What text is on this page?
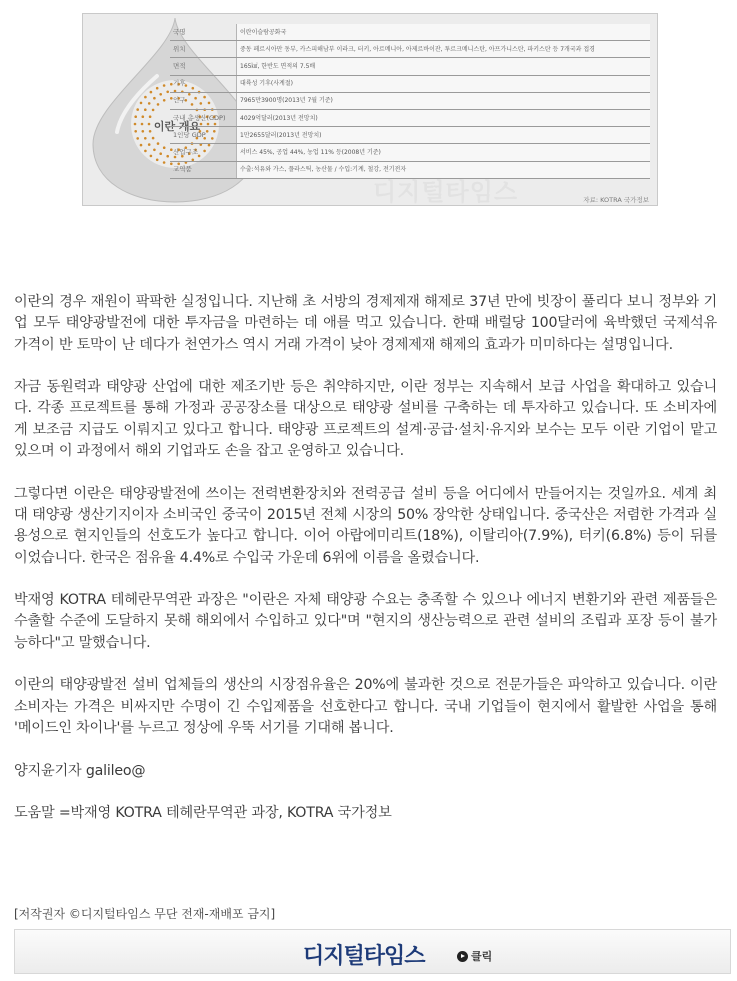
이란 개요
국명	이란이슬람공화국
위치	중동 페르시아만 동부, 카스피해남부 이라크, 터키, 아르메니아, 아제르바이잔, 투르크메니스탄, 아프가니스탄, 파키스탄 등 7개국과 접경
면적	165㎢, 한반도 면적의 7.5배
기후	대륙성 기후(사계절)
인구	7965만3900명(2013년 7월 기준)
국내 총생산(GDP)	4029억달러(2013년 전망치)
1인당 GDP	1만2655달러(2013년 전망치)
산업구조	서비스 45%, 공업 44%, 농업 11% 등(2008년 기준)
교역품	수출:석유와 가스, 플라스틱, 농산물 / 수입:기계, 철강, 전기전자
디지털타임스	자료: KOTRA 국가정보

이란의 경우 재원이 팍팍한 실정입니다. 지난해 초 서방의 경제제재 해제로 37년 만에 빗장이 풀리다 보니 정부와 기업 모두 태양광발전에 대한 투자금을 마련하는 데 애를 먹고 있습니다. 한때 배럴당 100달러에 육박했던 국제석유 가격이 반 토막이 난 데다가 천연가스 역시 거래 가격이 낮아 경제제재 해제의 효과가 미미하다는 설명입니다.

자금 동원력과 태양광 산업에 대한 제조기반 등은 취약하지만, 이란 정부는 지속해서 보급 사업을 확대하고 있습니다. 각종 프로젝트를 통해 가정과 공공장소를 대상으로 태양광 설비를 구축하는 데 투자하고 있습니다. 또 소비자에게 보조금 지급도 이뤄지고 있다고 합니다. 태양광 프로젝트의 설계·공급·설치·유지와 보수는 모두 이란 기업이 맡고 있으며 이 과정에서 해외 기업과도 손을 잡고 운영하고 있습니다.

그렇다면 이란은 태양광발전에 쓰이는 전력변환장치와 전력공급 설비 등을 어디에서 만들어지는 것일까요. 세계 최대 태양광 생산기지이자 소비국인 중국이 2015년 전체 시장의 50% 장악한 상태입니다. 중국산은 저렴한 가격과 실용성으로 현지인들의 선호도가 높다고 합니다. 이어 아랍에미리트(18%), 이탈리아(7.9%), 터키(6.8%) 등이 뒤를 이었습니다. 한국은 점유율 4.4%로 수입국 가운데 6위에 이름을 올렸습니다.

박재영 KOTRA 테헤란무역관 과장은 "이란은 자체 태양광 수요는 충족할 수 있으나 에너지 변환기와 관련 제품들은 수출할 수준에 도달하지 못해 해외에서 수입하고 있다"며 "현지의 생산능력으로 관련 설비의 조립과 포장 등이 불가능하다"고 말했습니다.

이란의 태양광발전 설비 업체들의 생산의 시장점유율은 20%에 불과한 것으로 전문가들은 파악하고 있습니다. 이란 소비자는 가격은 비싸지만 수명이 긴 수입제품을 선호한다고 합니다. 국내 기업들이 현지에서 활발한 사업을 통해 '메이드인 차이나'를 누르고 정상에 우뚝 서기를 기대해 봅니다.

양지윤기자 galileo@

도움말 =박재영 KOTRA 테헤란무역관 과장, KOTRA 국가정보

[저작권자 ©디지털타임스 무단 전재-재배포 금지]
디지털타임스	클릭
